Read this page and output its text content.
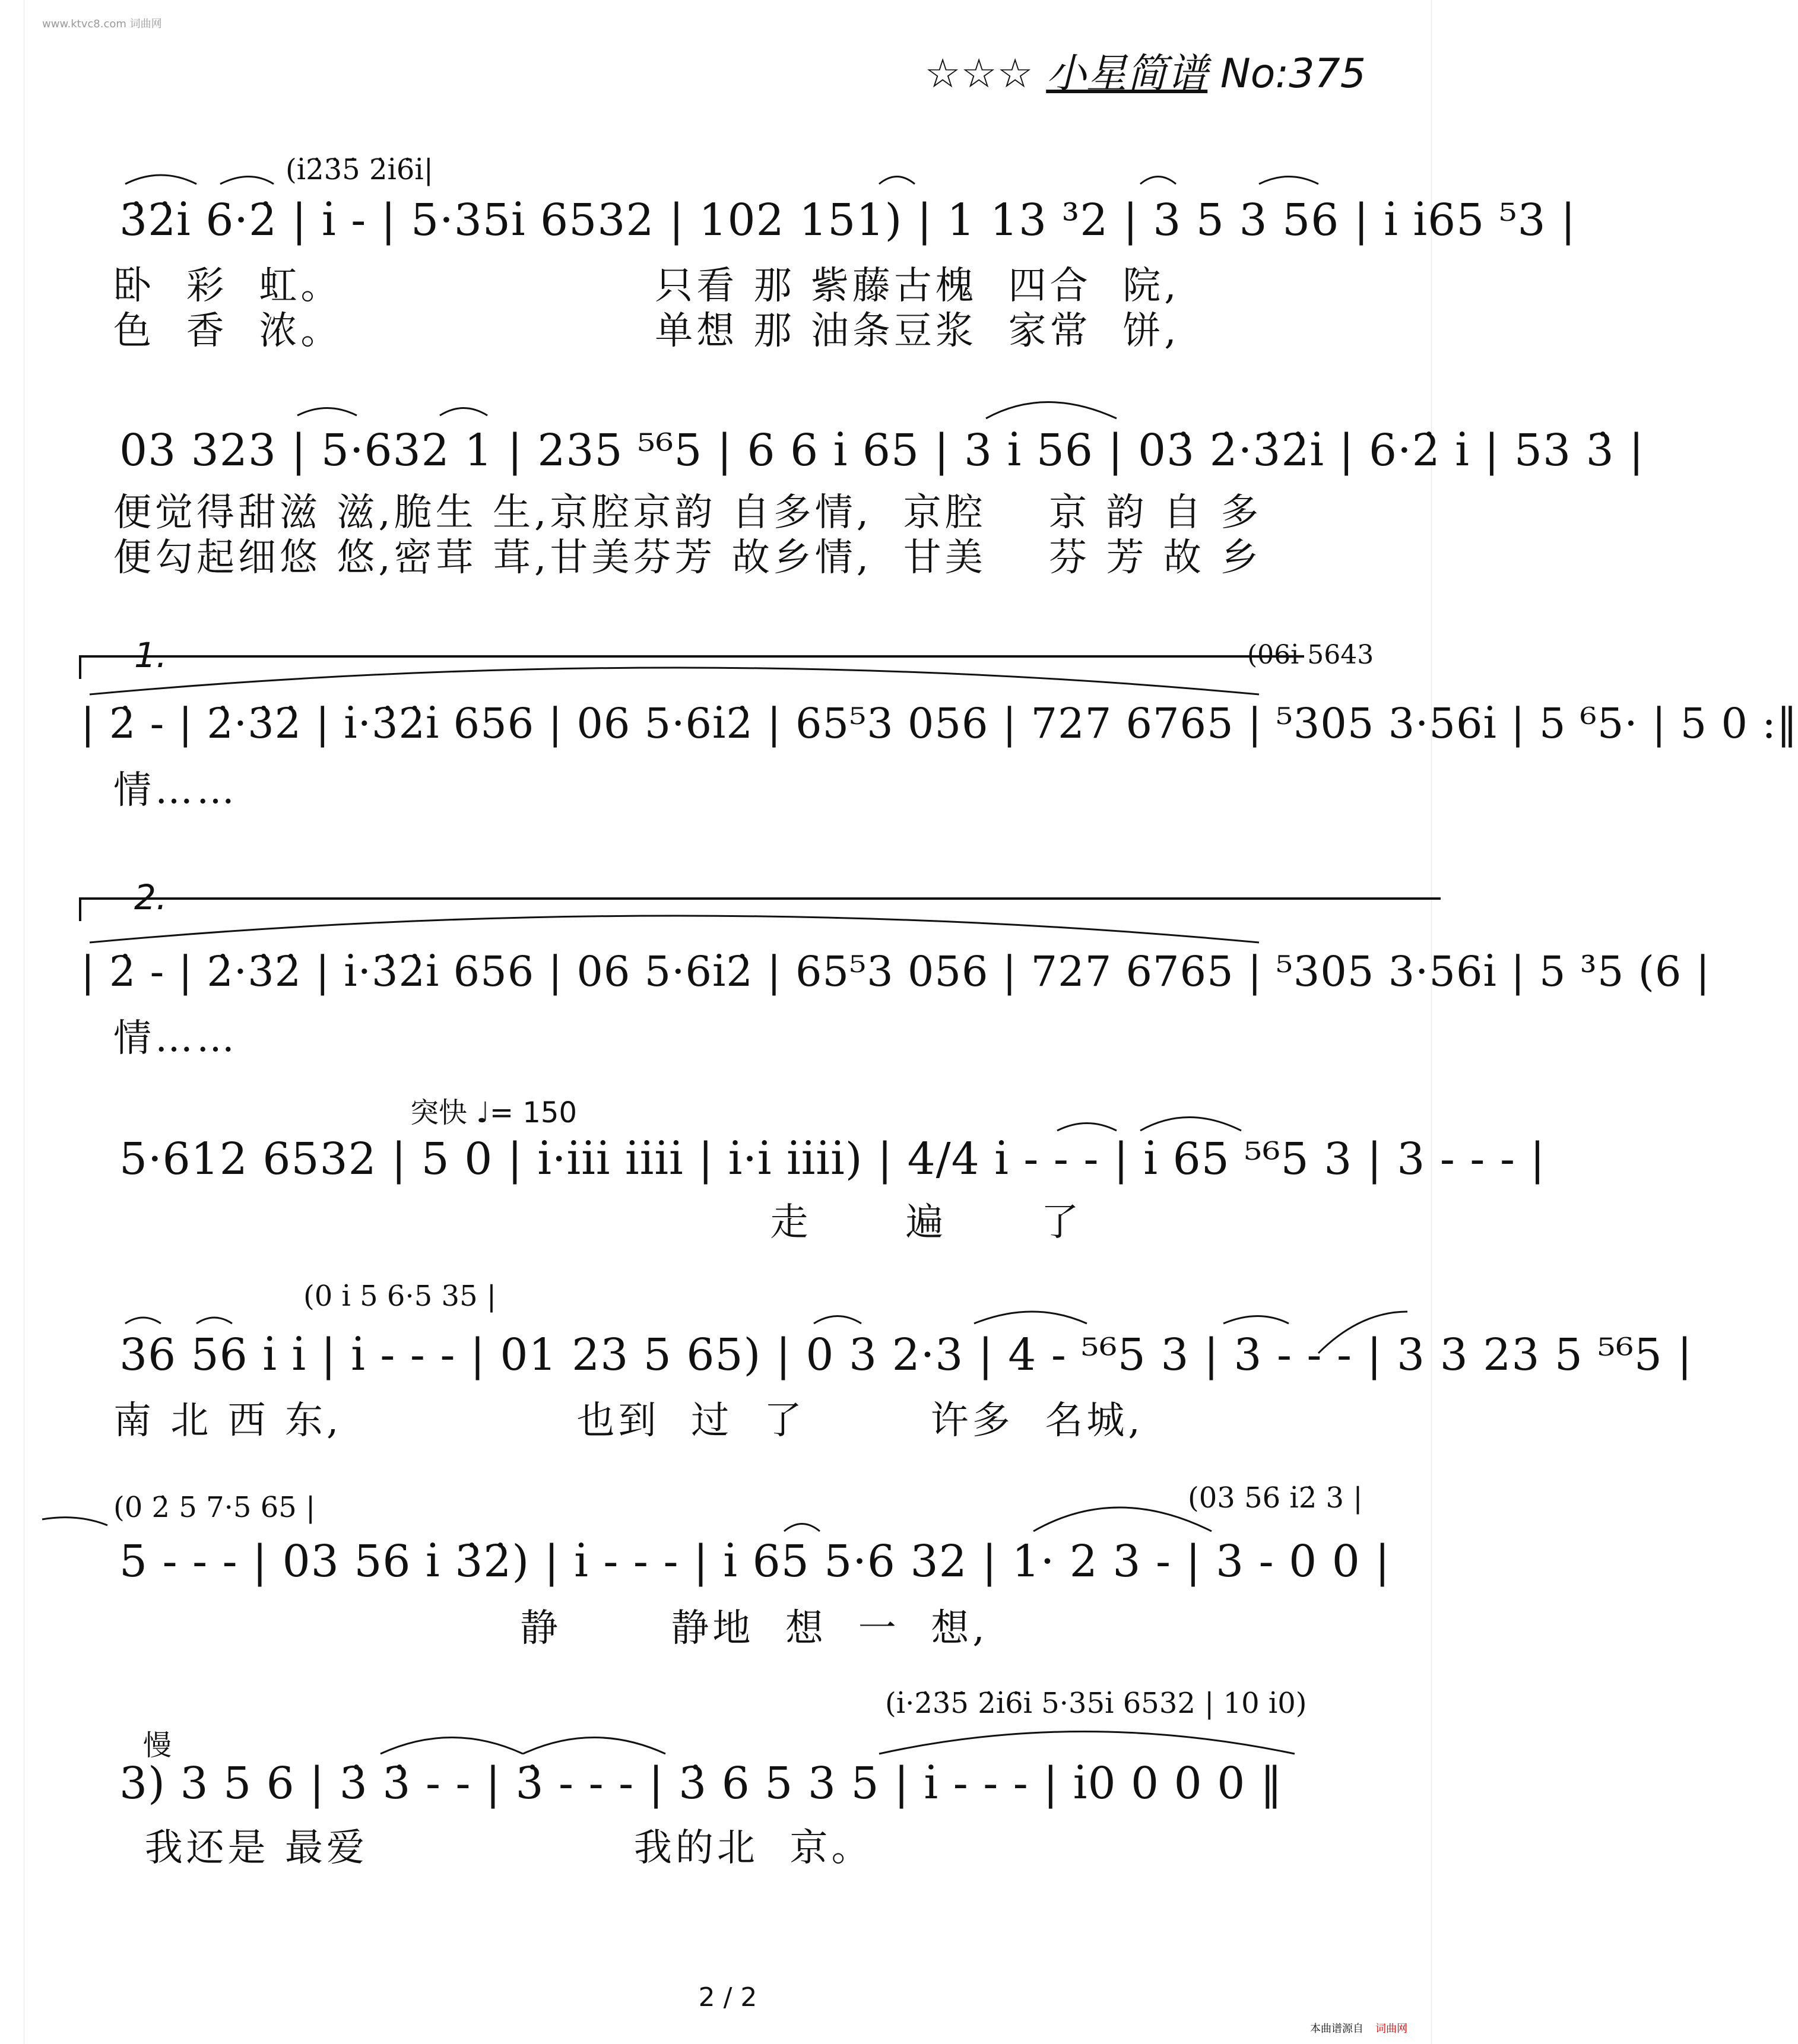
www.ktvc8.com 词曲网
☆☆☆ 小星简谱 No:375
(i̇2̇3̇5̇ 2̇i̇6̇i̇|
3̇2̇i̇ 6·2̇ | i̇ - | 5·35i̇ 6532 | 102 151) | 1 13 ³2 | 3 5 3 56 | i̇ i̇65 ⁵3 |
卧  彩  虹。                    只看 那 紫藤古槐  四合  院,
色  香  浓。                    单想 那 油条豆浆  家常  饼,
03 323 | 5·632 1 | 235 ⁵⁶5 | 6 6 i̇ 65 | 3 i̇ 56 | 03̇ 2̇·3̇2̇i̇ | 6·2̇ i̇ | 53 3̇ |
便觉得甜滋 滋,脆生 生,京腔京韵 自多情,  京腔    京 韵 自 多
便勾起细悠 悠,密茸 茸,甘美芬芳 故乡情,  甘美    芬 芳 故 乡
1.	(06i̇ 5643
| 2̇ - | 2̇·3̇2̇ | i̇·3̇2̇i̇ 656 | 06 5·6i̇2̇ | 65⁵3 056 | 727 6765 | ⁵305 3·56i̇ | 5 ⁶5· | 5 0 :‖
情……
2.
| 2̇ - | 2̇·3̇2̇ | i̇·3̇2̇i̇ 656 | 06 5·6i̇2̇ | 65⁵3 056 | 727 6765 | ⁵305 3·56i̇ | 5 ³5 (6 |
情……
突快 ♩= 150
5·612 6532 | 5 0 | i̇·i̇i̇i̇ i̇i̇i̇i̇ | i̇·i̇ i̇i̇i̇i̇) | 4/4 i̇ - - - | i̇ 65 ⁵⁶5 3 | 3 - - - |
走      遍      了
(0 i̇ 5 6·5 35 |
36 56 i̇ i̇ | i̇ - - - | 01 23 5 65) | 0 3 2·3 | 4 - ⁵⁶5 3 | 3 - - - | 3 3 23 5 ⁵⁶5 |
南 北 西 东,               也到  过  了        许多  名城,
(0 2̇ 5 7·5 65 |	(03 56 i̇2̇ 3 |
5 - - - | 03 56 i̇ 3̇2̇) | i̇ - - - | i̇ 65 5·6 32 | 1· 2 3 - | 3 - 0 0 |
静       静地  想  一  想,
慢
(i̇·2̇3̇5̇ 2̇i̇6̇i̇ 5·35i̇ 6532 | 10 i̇0)
3) 3 5 6 | 3̇ 3̇ - - | 3̇ - - - | 3̇ 6 5 3 5 | i̇ - - - | i̇0 0 0 0 ‖
我还是 最爱                 我的北  京。
2 / 2
本曲谱源自 词曲网
